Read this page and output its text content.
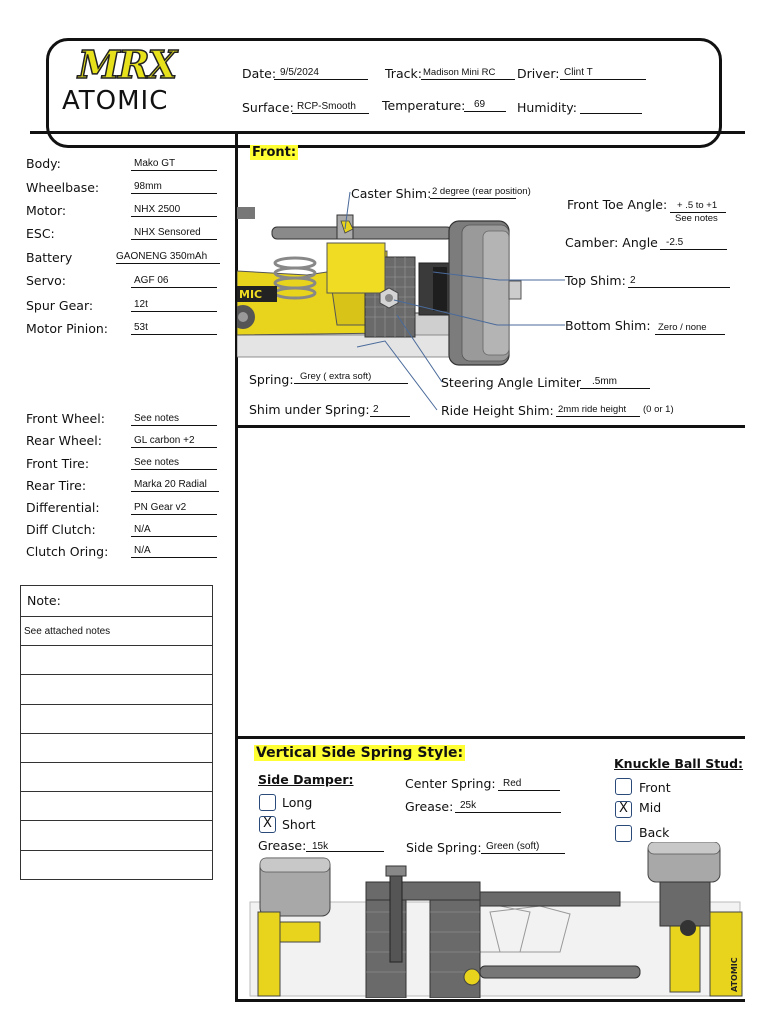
MRX
ATOMIC
Date: 9/5/2024	Track: Madison Mini RC Driver: Clint T
Surface: RCP-Smooth Temperature: 69	Humidity:
Body:	Mako GT
Wheelbase:	98mm
Motor:	NHX 2500
ESC:	NHX Sensored
Battery	GAONENG 350mAh
Servo:	AGF 06
Spur Gear:	12t
Motor Pinion:	53t
Front Wheel:	See notes
Rear Wheel:	GL carbon +2
Front Tire:	See notes
Rear Tire:	Marka 20 Radial
Differential:	PN Gear v2
Diff Clutch:	N/A
Clutch Oring:	N/A
Note:
See attached notes
Front:
MIC
Caster Shim: 2 degree (rear position)
Front Toe Angle: + .5 to +1
See notes
Camber: Angle -2.5
Top Shim: 2
Bottom Shim: Zero / none
Spring: Grey ( extra soft)	Steering Angle Limiter .5mm
Shim under Spring: 2	Ride Height Shim: 2mm ride height (0 or 1)
Vertical Side Spring Style:
Side Damper:
Long
X Short
Grease: 15k
Center Spring: Red
Grease: 25k
Side Spring: Green (soft)
Knuckle Ball Stud:
Front
X Mid
Back
ATOMIC
